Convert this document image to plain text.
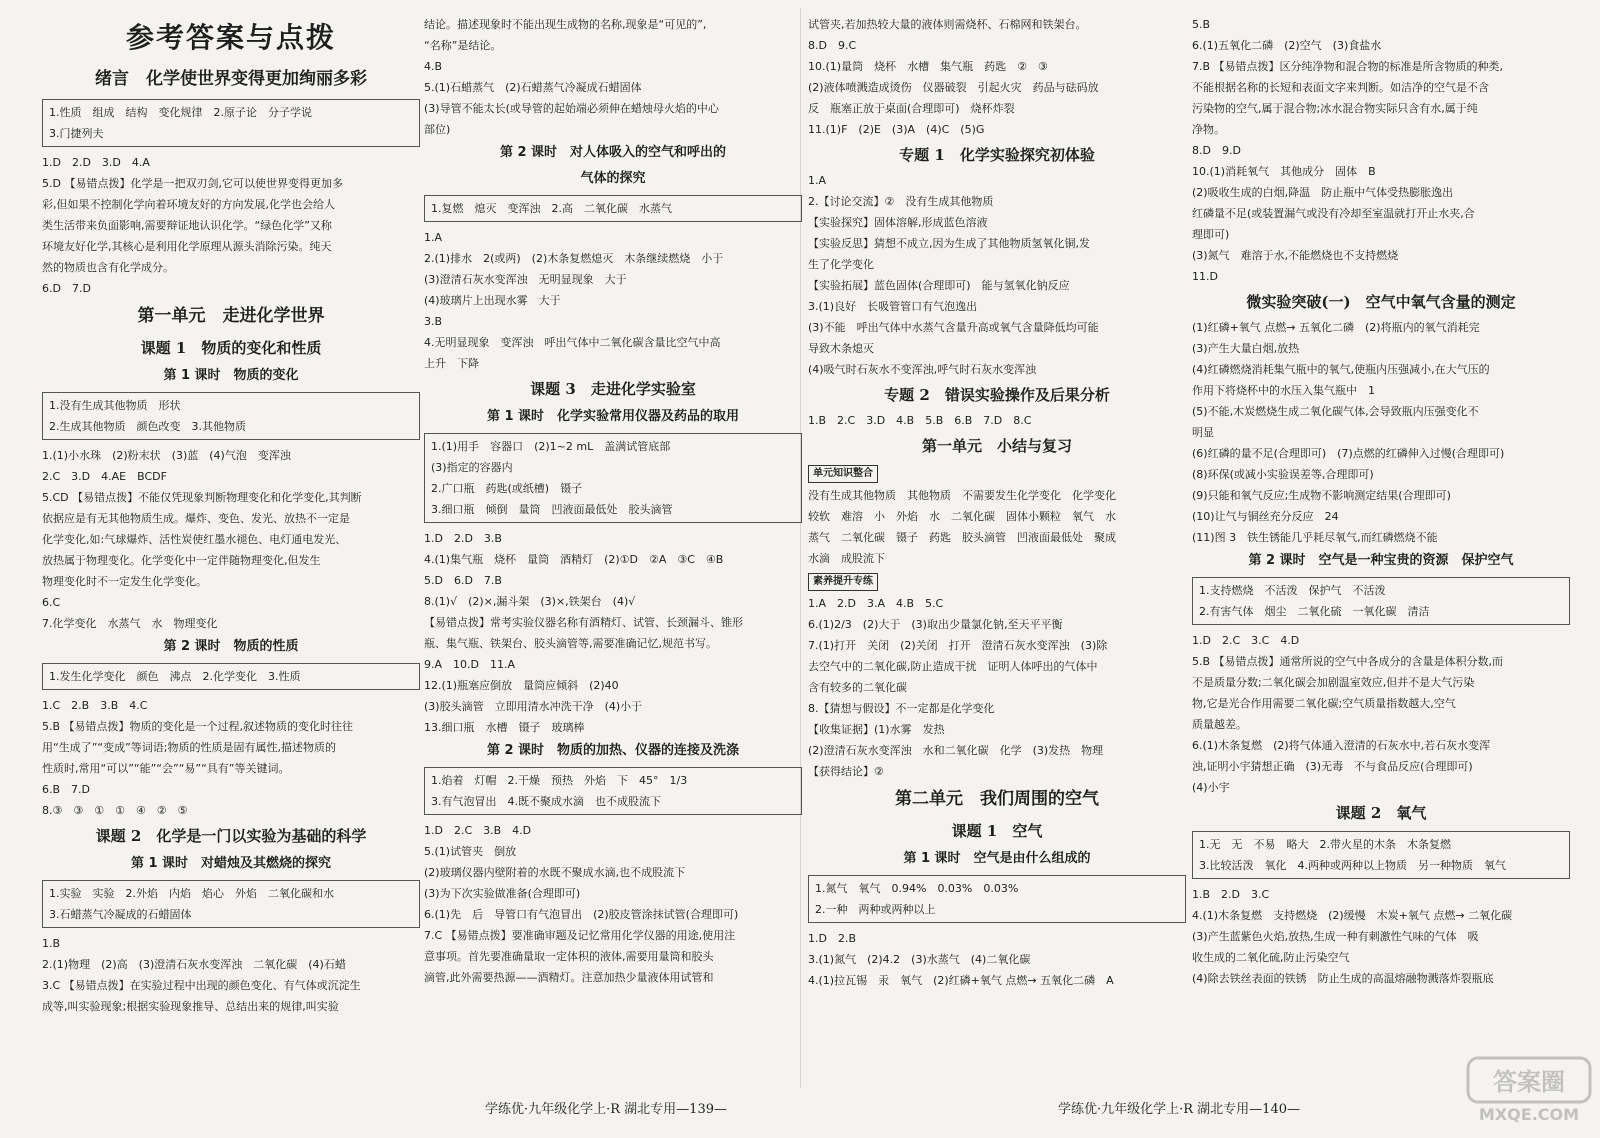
参考答案与点拨
绪言　化学使世界变得更加绚丽多彩
1.性质　组成　结构　变化规律　2.原子论　分子学说
3.门捷列夫
1.D　2.D　3.D　4.A
5.D 【易错点拨】化学是一把双刃剑,它可以使世界变得更加多
彩,但如果不控制化学向着环境友好的方向发展,化学也会给人
类生活带来负面影响,需要辩证地认识化学。“绿色化学”又称
环境友好化学,其核心是利用化学原理从源头消除污染。纯天
然的物质也含有化学成分。
6.D　7.D
第一单元　走进化学世界
课题 1　物质的变化和性质
第 1 课时　物质的变化
1.没有生成其他物质　形状
2.生成其他物质　颜色改变　3.其他物质
1.(1)小水珠　(2)粉末状　(3)蓝　(4)气泡　变浑浊
2.C　3.D　4.AE　BCDF
5.CD 【易错点拨】不能仅凭现象判断物理变化和化学变化,其判断
依据应是有无其他物质生成。爆炸、变色、发光、放热不一定是
化学变化,如:气球爆炸、活性炭使红墨水褪色、电灯通电发光、
放热属于物理变化。化学变化中一定伴随物理变化,但发生
物理变化时不一定发生化学变化。
6.C
7.化学变化　水蒸气　水　物理变化
第 2 课时　物质的性质
1.发生化学变化　颜色　沸点　2.化学变化　3.性质
1.C　2.B　3.B　4.C
5.B 【易错点拨】物质的变化是一个过程,叙述物质的变化时往往
用“生成了”“变成”等词语;物质的性质是固有属性,描述物质的
性质时,常用“可以”“能”“会”“易”“具有”等关键词。
6.B　7.D
8.③　③　①　①　④　②　⑤
课题 2　化学是一门以实验为基础的科学
第 1 课时　对蜡烛及其燃烧的探究
1.实验　实验　2.外焰　内焰　焰心　外焰　二氧化碳和水
3.石蜡蒸气冷凝成的石蜡固体
1.B
2.(1)物理　(2)高　(3)澄清石灰水变浑浊　二氧化碳　(4)石蜡
3.C 【易错点拨】在实验过程中出现的颜色变化、有气体或沉淀生
成等,叫实验现象;根据实验现象推导、总结出来的规律,叫实验
结论。描述现象时不能出现生成物的名称,现象是“可见的”,
“名称”是结论。
4.B
5.(1)石蜡蒸气　(2)石蜡蒸气冷凝成石蜡固体
(3)导管不能太长(或导管的起始端必须伸在蜡烛母火焰的中心
部位)
第 2 课时　对人体吸入的空气和呼出的
气体的探究
1.复燃　熄灭　变浑浊　2.高　二氧化碳　水蒸气
1.A
2.(1)排水　2(或两)　(2)木条复燃熄灭　木条继续燃烧　小于
(3)澄清石灰水变浑浊　无明显现象　大于
(4)玻璃片上出现水雾　大于
3.B
4.无明显现象　变浑浊　呼出气体中二氧化碳含量比空气中高
上升　下降
课题 3　走进化学实验室
第 1 课时　化学实验常用仪器及药品的取用
1.(1)用手　容器口　(2)1~2 mL　盖满试管底部
(3)指定的容器内
2.广口瓶　药匙(或纸槽)　镊子
3.细口瓶　倾倒　量筒　凹液面最低处　胶头滴管
1.D　2.D　3.B
4.(1)集气瓶　烧杯　量筒　酒精灯　(2)①D　②A　③C　④B
5.D　6.D　7.B
8.(1)√　(2)×,漏斗架　(3)×,铁架台　(4)√
【易错点拨】常考实验仪器名称有酒精灯、试管、长颈漏斗、锥形
瓶、集气瓶、铁架台、胶头滴管等,需要准确记忆,规范书写。
9.A　10.D　11.A
12.(1)瓶塞应倒放　量筒应倾斜　(2)40
(3)胶头滴管　立即用清水冲洗干净　(4)小于
13.细口瓶　水槽　镊子　玻璃棒
第 2 课时　物质的加热、仪器的连接及洗涤
1.焰着　灯帽　2.干燥　预热　外焰　下　45°　1/3
3.有气泡冒出　4.既不聚成水滴　也不成股流下
1.D　2.C　3.B　4.D
5.(1)试管夹　倒放
(2)玻璃仪器内壁附着的水既不聚成水滴,也不成股流下
(3)为下次实验做准备(合理即可)
6.(1)先　后　导管口有气泡冒出　(2)胶皮管涂抹试管(合理即可)
7.C 【易错点拨】要准确审题及记忆常用化学仪器的用途,使用注
意事项。首先要准确量取一定体积的液体,需要用量筒和胶头
滴管,此外需要热源——酒精灯。注意加热少量液体用试管和
试管夹,若加热较大量的液体则需烧杯、石棉网和铁架台。
8.D　9.C
10.(1)量筒　烧杯　水槽　集气瓶　药匙　②　③
(2)液体喷溅造成烫伤　仪器破裂　引起火灾　药品与砝码放
反　瓶塞正放于桌面(合理即可)　烧杯炸裂
11.(1)F　(2)E　(3)A　(4)C　(5)G
专题 1　化学实验探究初体验
1.A
2.【讨论交流】②　没有生成其他物质
【实验探究】固体溶解,形成蓝色溶液
【实验反思】猜想不成立,因为生成了其他物质氢氧化铜,发
生了化学变化
【实验拓展】蓝色固体(合理即可)　能与氢氧化钠反应
3.(1)良好　长吸管管口有气泡逸出
(3)不能　呼出气体中水蒸气含量升高或氧气含量降低均可能
导致木条熄灭
(4)吸气时石灰水不变浑浊,呼气时石灰水变浑浊
专题 2　错误实验操作及后果分析
1.B　2.C　3.D　4.B　5.B　6.B　7.D　8.C
第一单元　小结与复习
单元知识整合
没有生成其他物质　其他物质　不需要发生化学变化　化学变化
较软　难溶　小　外焰　水　二氧化碳　固体小颗粒　氧气　水
蒸气　二氧化碳　镊子　药匙　胶头滴管　凹液面最低处　聚成
水滴　成股流下
素养提升专练
1.A　2.D　3.A　4.B　5.C
6.(1)2/3　(2)大于　(3)取出少量氯化钠,至天平平衡
7.(1)打开　关闭　(2)关闭　打开　澄清石灰水变浑浊　(3)除
去空气中的二氧化碳,防止造成干扰　证明人体呼出的气体中
含有较多的二氧化碳
8.【猜想与假设】不一定都是化学变化
【收集证据】(1)水雾　发热
(2)澄清石灰水变浑浊　水和二氧化碳　化学　(3)发热　物理
【获得结论】②
第二单元　我们周围的空气
课题 1　空气
第 1 课时　空气是由什么组成的
1.氮气　氧气　0.94%　0.03%　0.03%
2.一种　两种或两种以上
1.D　2.B
3.(1)氮气　(2)4.2　(3)水蒸气　(4)二氧化碳
4.(1)拉瓦锡　汞　氧气　(2)红磷+氧气 点燃→ 五氧化二磷　A
5.B
6.(1)五氧化二磷　(2)空气　(3)食盐水
7.B 【易错点拨】区分纯净物和混合物的标准是所含物质的种类,
不能根据名称的长短和表面文字来判断。如洁净的空气是不含
污染物的空气,属于混合物;冰水混合物实际只含有水,属于纯
净物。
8.D　9.D
10.(1)消耗氧气　其他成分　固体　B
(2)吸收生成的白烟,降温　防止瓶中气体受热膨胀逸出
红磷量不足(或装置漏气或没有冷却至室温就打开止水夹,合
理即可)
(3)氮气　难溶于水,不能燃烧也不支持燃烧
11.D
微实验突破(一)　空气中氧气含量的测定
(1)红磷+氧气 点燃→ 五氧化二磷　(2)将瓶内的氧气消耗完
(3)产生大量白烟,放热
(4)红磷燃烧消耗集气瓶中的氧气,使瓶内压强减小,在大气压的
作用下将烧杯中的水压入集气瓶中　1
(5)不能,木炭燃烧生成二氧化碳气体,会导致瓶内压强变化不
明显
(6)红磷的量不足(合理即可)　(7)点燃的红磷伸入过慢(合理即可)
(8)环保(或减小实验误差等,合理即可)
(9)只能和氧气反应;生成物不影响测定结果(合理即可)
(10)让气与铜丝充分反应　24
(11)图 3　铁生锈能几乎耗尽氧气,而红磷燃烧不能
第 2 课时　空气是一种宝贵的资源　保护空气
1.支持燃烧　不活泼　保护气　不活泼
2.有害气体　烟尘　二氧化硫　一氧化碳　清洁
1.D　2.C　3.C　4.D
5.B 【易错点拨】通常所说的空气中各成分的含量是体积分数,而
不是质量分数;二氧化碳会加剧温室效应,但并不是大气污染
物,它是光合作用需要二氧化碳;空气质量指数越大,空气
质量越差。
6.(1)木条复燃　(2)将气体通入澄清的石灰水中,若石灰水变浑
浊,证明小宇猜想正确　(3)无毒　不与食品反应(合理即可)
(4)小宇
课题 2　氧气
1.无　无　不易　略大　2.带火星的木条　木条复燃
3.比较活泼　氧化　4.两种或两种以上物质　另一种物质　氧气
1.B　2.D　3.C
4.(1)木条复燃　支持燃烧　(2)缓慢　木炭+氧气 点燃→ 二氧化碳
(3)产生蓝紫色火焰,放热,生成一种有刺激性气味的气体　吸
收生成的二氧化硫,防止污染空气
(4)除去铁丝表面的铁锈　防止生成的高温熔融物溅落炸裂瓶底
学练优·九年级化学上·R 湖北专用—139—	学练优·九年级化学上·R 湖北专用—140—
答案圈
MXQE.COM
